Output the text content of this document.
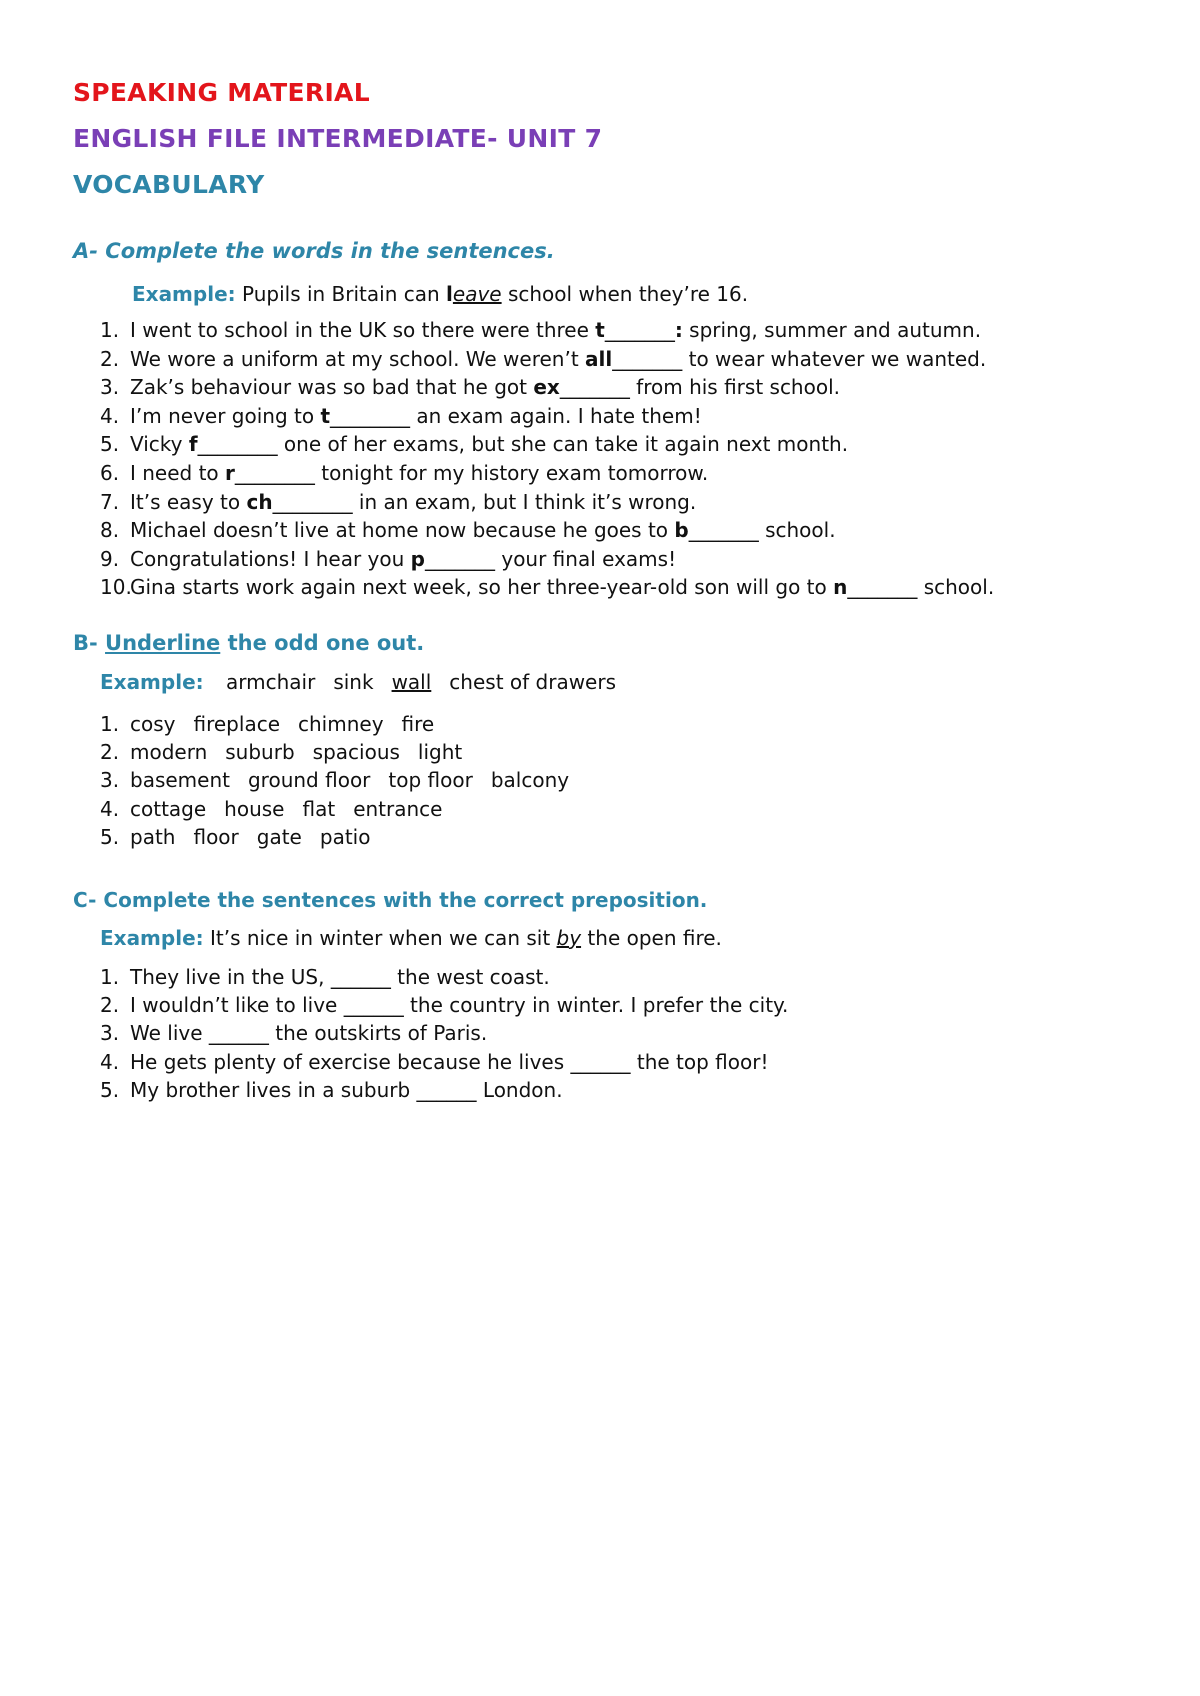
SPEAKING MATERIAL
ENGLISH FILE INTERMEDIATE- UNIT 7
VOCABULARY
A- Complete the words in the sentences.
Example: Pupils in Britain can leave school when they’re 16.
1. I went to school in the UK so there were three t_______: spring, summer and autumn.
2. We wore a uniform at my school. We weren’t all_______ to wear whatever we wanted.
3. Zak’s behaviour was so bad that he got ex_______ from his first school.
4. I’m never going to t________ an exam again. I hate them!
5. Vicky f________ one of her exams, but she can take it again next month.
6. I need to r________ tonight for my history exam tomorrow.
7. It’s easy to ch________ in an exam, but I think it’s wrong.
8. Michael doesn’t live at home now because he goes to b_______ school.
9. Congratulations! I hear you p_______ your final exams!
10.Gina starts work again next week, so her three-year-old son will go to n_______ school.
B- Underline the odd one out.
Example: armchair sink wall chest of drawers
1. cosy fireplace chimney fire
2. modern suburb spacious light
3. basement ground floor top floor balcony
4. cottage house flat entrance
5. path floor gate patio
C- Complete the sentences with the correct preposition.
Example: It’s nice in winter when we can sit by the open fire.
1. They live in the US, ______ the west coast.
2. I wouldn’t like to live ______ the country in winter. I prefer the city.
3. We live ______ the outskirts of Paris.
4. He gets plenty of exercise because he lives ______ the top floor!
5. My brother lives in a suburb ______ London.
